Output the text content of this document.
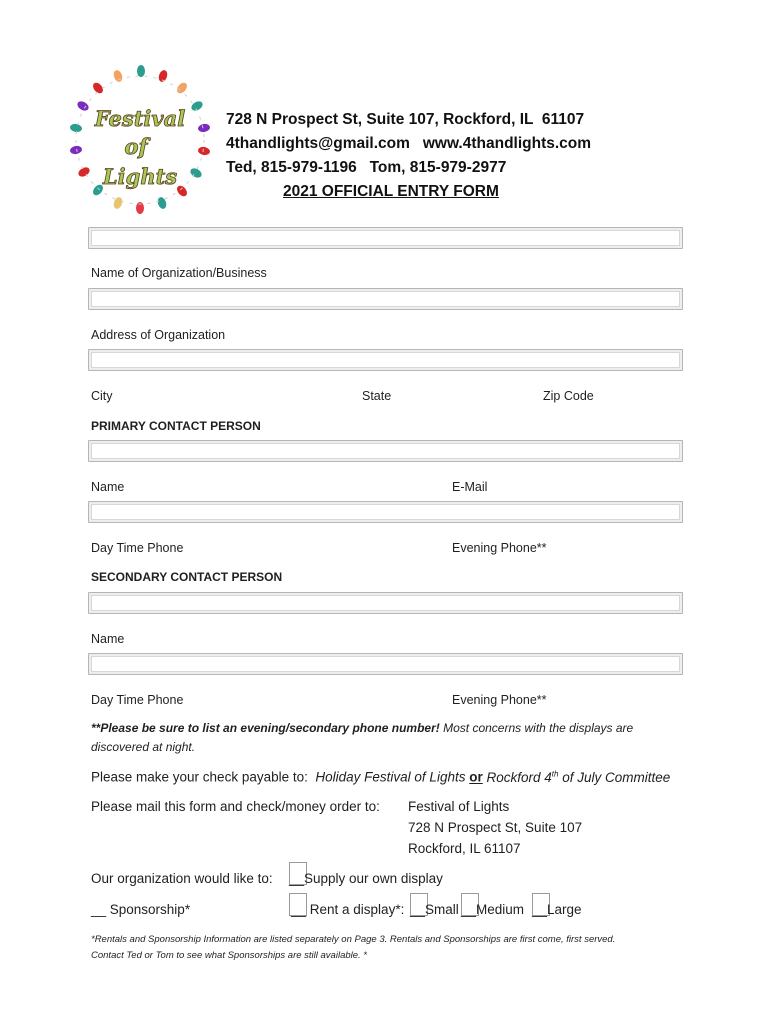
Festival
of
Lights
728 N Prospect St, Suite 107, Rockford, IL  61107
4thandlights@gmail.com   www.4thandlights.com
Ted, 815-979-1196   Tom, 815-979-2977
2021 OFFICIAL ENTRY FORM
Name of Organization/Business
Address of Organization
City	State	Zip Code
PRIMARY CONTACT PERSON
Name	E-Mail
Day Time Phone	Evening Phone**
SECONDARY CONTACT PERSON
Name
Day Time Phone	Evening Phone**
**Please be sure to list an evening/secondary phone number! Most concerns with the displays are discovered at night.
Please make your check payable to: Holiday Festival of Lights or Rockford 4th of July Committee
Please mail this form and check/money order to: Festival of Lights
728 N Prospect St, Suite 107
Rockford, IL 61107
Our organization would like to: __Supply our own display
__ Sponsorship*	__ Rent a display*: __Small __Medium __Large
*Rentals and Sponsorship Information are listed separately on Page 3. Rentals and Sponsorships are first come, first served.
Contact Ted or Tom to see what Sponsorships are still available. *
